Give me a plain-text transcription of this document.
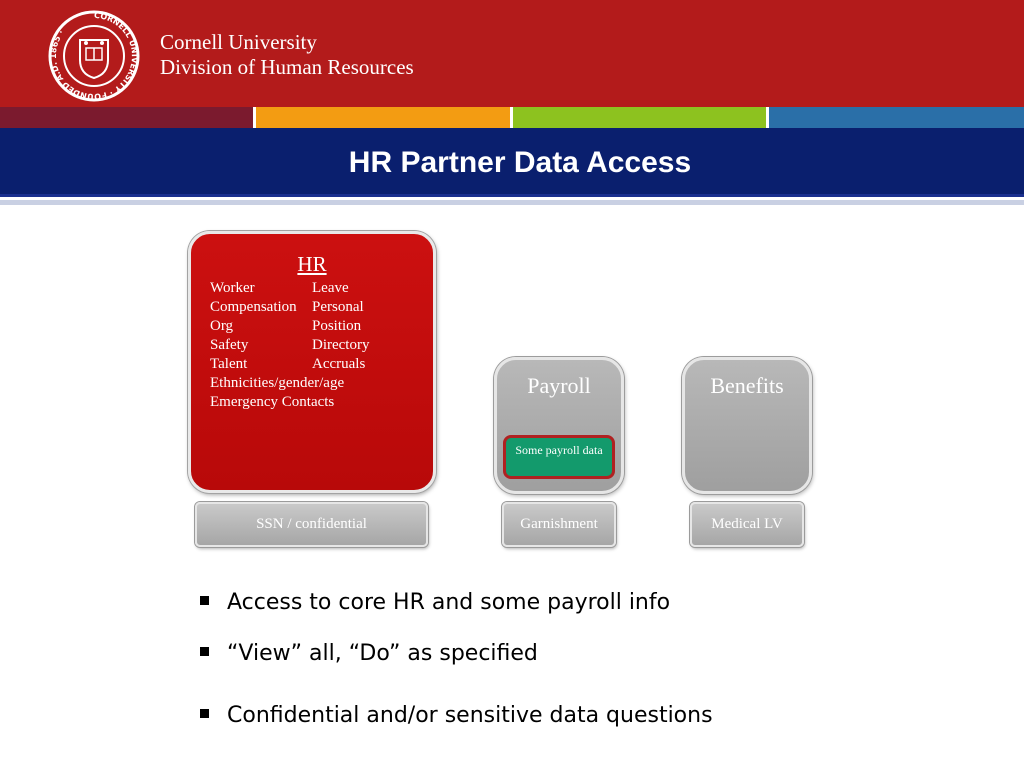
CORNELL UNIVERSITY · FOUNDED A.D. 1865 ·	Cornell University
Division of Human Resources
HR Partner Data Access
HR
Worker	Leave
Compensation Personal
Org	Position
Safety	Directory
Talent	Accruals
Ethnicities/gender/age
Emergency Contacts
Payroll
Some payroll data
Benefits
SSN / confidential	Garnishment	Medical LV
Access to core HR and some payroll info
“View” all, “Do” as specified
Confidential and/or sensitive data questions
